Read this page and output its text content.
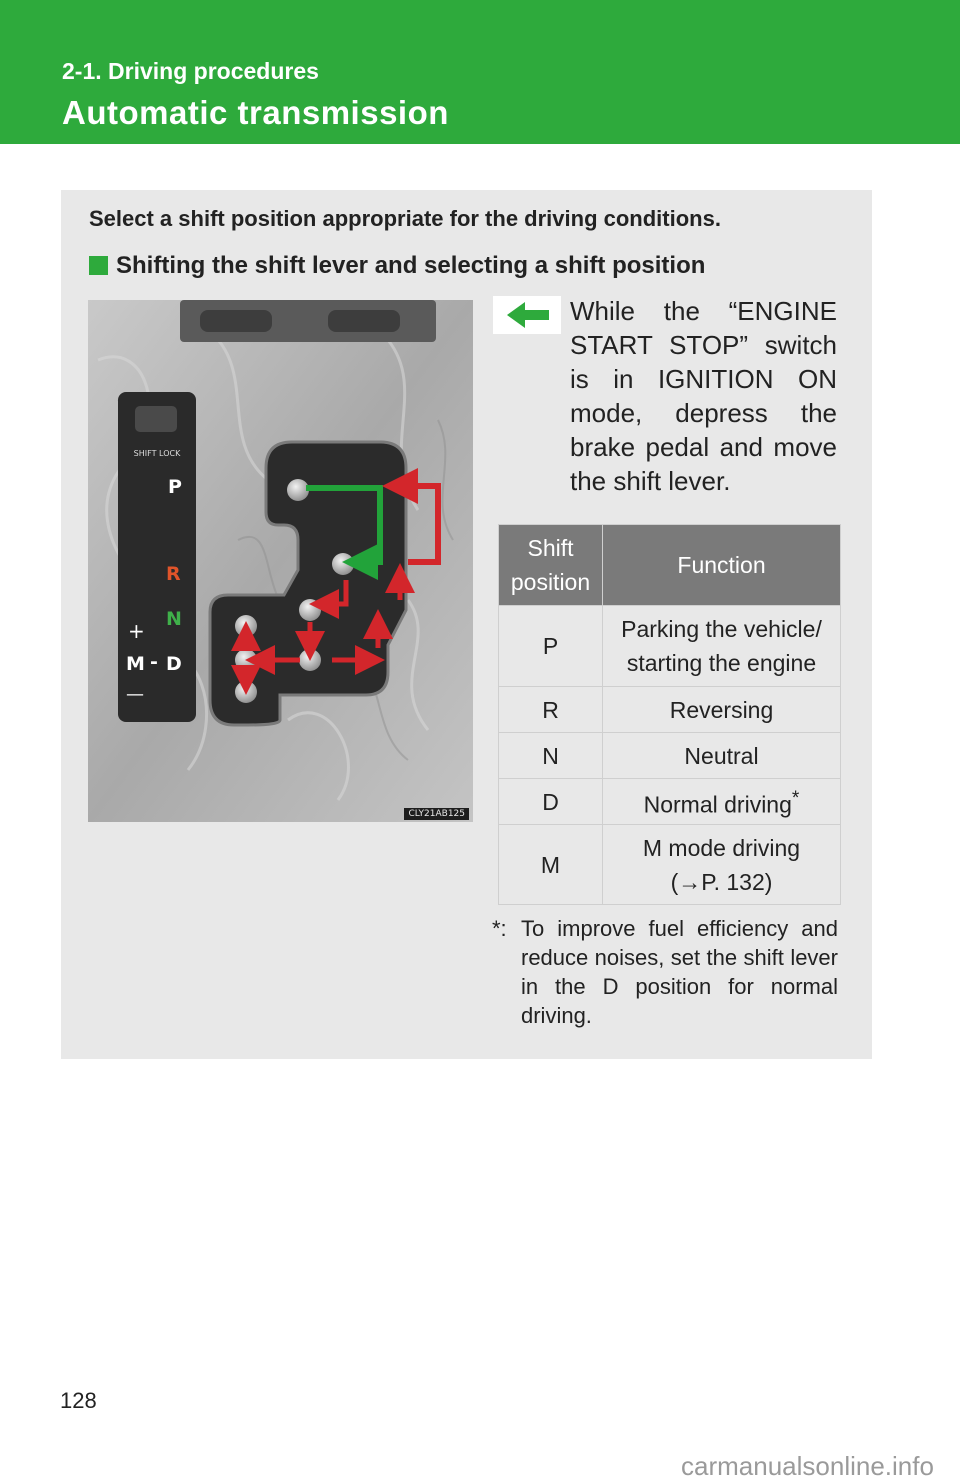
2-1. Driving procedures
Automatic transmission
Select a shift position appropriate for the driving conditions.
Shifting the shift lever and selecting a shift position
SHIFT LOCK
P
R
N
+
M - D
—
CLY21AB125
While the “ENGINE START STOP” switch is in IGNITION ON mode, depress the brake pedal and move the shift lever.
Shift position	Function
P	Parking the vehicle/ starting the engine
R	Reversing
N	Neutral
D	Normal driving*
M	M mode driving
(→P. 132)
*: To improve fuel efficiency and reduce noises, set the shift lever in the D position for normal driving.
128
carmanualsonline.info
